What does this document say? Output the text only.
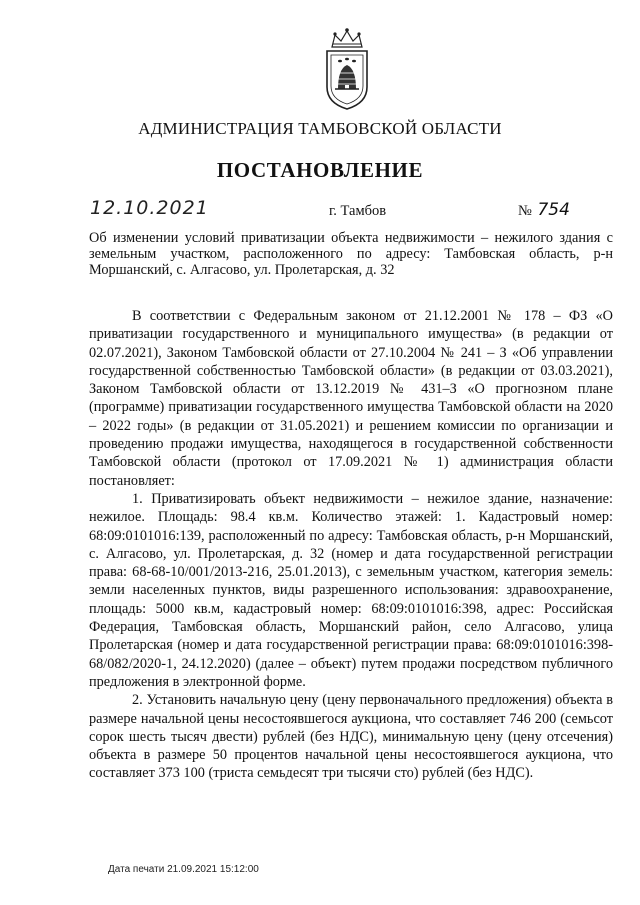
АДМИНИСТРАЦИЯ ТАМБОВСКОЙ ОБЛАСТИ
ПОСТАНОВЛЕНИЕ
12.10.2021	г. Тамбов	№ 754

Об изменении условий приватизации объекта недвижимости – нежилого здания с земельным участком, расположенного по адресу: Тамбовская область, р-н Моршанский, с. Алгасово, ул. Пролетарская, д. 32

В соответствии с Федеральным законом от 21.12.2001 № 178 – ФЗ «О приватизации государственного и муниципального имущества» (в редакции от 02.07.2021), Законом Тамбовской области от 27.10.2004 № 241 – З «Об управлении государственной собственностью Тамбовской области» (в редакции от 03.03.2021), Законом Тамбовской области от 13.12.2019 № 431–З «О прогнозном плане (программе) приватизации государственного имущества Тамбовской области на 2020 – 2022 годы» (в редакции от 31.05.2021) и решением комиссии по организации и проведению продажи имущества, находящегося в государственной собственности Тамбовской области (протокол от 17.09.2021 № 1) администрация области постановляет:

1. Приватизировать объект недвижимости – нежилое здание, назначение: нежилое. Площадь: 98.4 кв.м. Количество этажей: 1. Кадастровый номер: 68:09:0101016:139, расположенный по адресу: Тамбовская область, р-н Моршанский, с. Алгасово, ул. Пролетарская, д. 32 (номер и дата государственной регистрации права: 68-68-10/001/2013-216, 25.01.2013), с земельным участком, категория земель: земли населенных пунктов, виды разрешенного использования: здравоохранение, площадь: 5000 кв.м, кадастровый номер: 68:09:0101016:398, адрес: Российская Федерация, Тамбовская область, Моршанский район, село Алгасово, улица Пролетарская (номер и дата государственной регистрации права: 68:09:0101016:398-68/082/2020-1, 24.12.2020) (далее – объект) путем продажи посредством публичного предложения в электронной форме.

2. Установить начальную цену (цену первоначального предложения) объекта в размере начальной цены несостоявшегося аукциона, что составляет 746 200 (семьсот сорок шесть тысяч двести) рублей (без НДС), минимальную цену (цену отсечения) объекта в размере 50 процентов начальной цены несостоявшегося аукциона, что составляет 373 100 (триста семьдесят три тысячи сто) рублей (без НДС).

Дата печати 21.09.2021 15:12:00
